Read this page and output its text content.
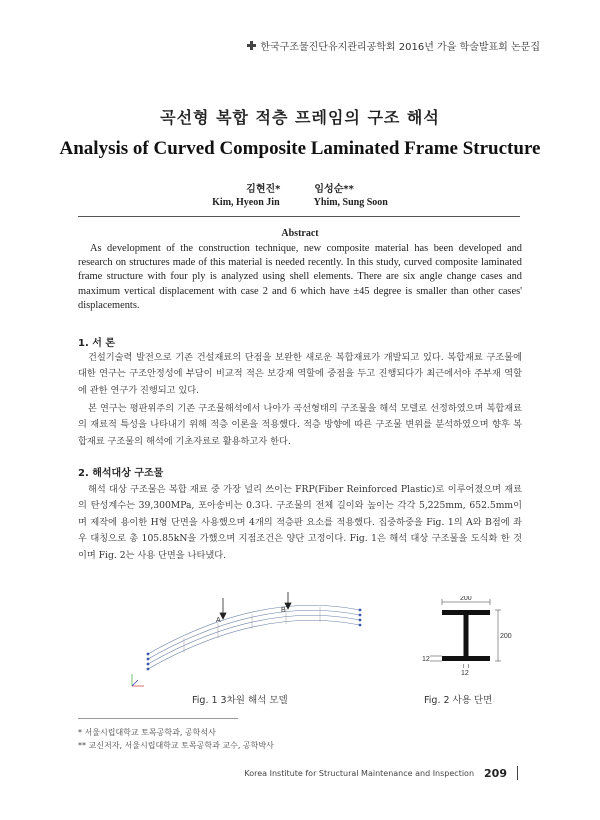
한국구조물진단유지관리공학회 2016년 가을 학술발표회 논문집
곡선형 복합 적층 프레임의 구조 해석
Analysis of Curved Composite Laminated Frame Structure
김현진*	임성순**
Kim, Hyeon Jin	Yhim, Sung Soon
Abstract
As development of the construction technique, new composite material has been developed and research on structures made of this material is needed recently. In this study, curved composite laminated frame structure with four ply is analyzed using shell elements. There are six angle change cases and maximum vertical displacement with case 2 and 6 which have ±45 degree is smaller than other cases' displacements.
1. 서 론
건설기술력 발전으로 기존 건설재료의 단점을 보완한 새로운 복합재료가 개발되고 있다. 복합재료 구조물에 대한 연구는 구조안정성에 부담이 비교적 적은 보강재 역할에 중점을 두고 진행되다가 최근에서야 주부재 역할에 관한 연구가 진행되고 있다.
본 연구는 평판위주의 기존 구조물해석에서 나아가 곡선형태의 구조물을 해석 모델로 선정하였으며 복합재료의 재료적 특성을 나타내기 위해 적층 이론을 적용했다. 적층 방향에 따른 구조물 변위를 분석하였으며 향후 복합재료 구조물의 해석에 기초자료로 활용하고자 한다.
2. 해석대상 구조물
해석 대상 구조물은 복합 재료 중 가장 널리 쓰이는 FRP(Fiber Reinforced Plastic)로 이루어졌으며 재료의 탄성계수는 39,300MPa, 포아송비는 0.3다. 구조물의 전체 길이와 높이는 각각 5,225mm, 652.5mm이며 제작에 용이한 H형 단면을 사용했으며 4개의 적층판 요소를 적용했다. 집중하중을 Fig. 1의 A와 B점에 좌우 대칭으로 총 105.85kN을 가했으며 지점조건은 양단 고정이다. Fig. 1은 해석 대상 구조물을 도식화 한 것이며 Fig. 2는 사용 단면을 나타냈다.
A
B
Fig. 1 3차원 해석 모델
200
200
12
12
Fig. 2 사용 단면
* 서울시립대학교 토목공학과, 공학석사
** 교신저자, 서울시립대학교 토목공학과 교수, 공학박사
Korea Institute for Structural Maintenance and Inspection 209
